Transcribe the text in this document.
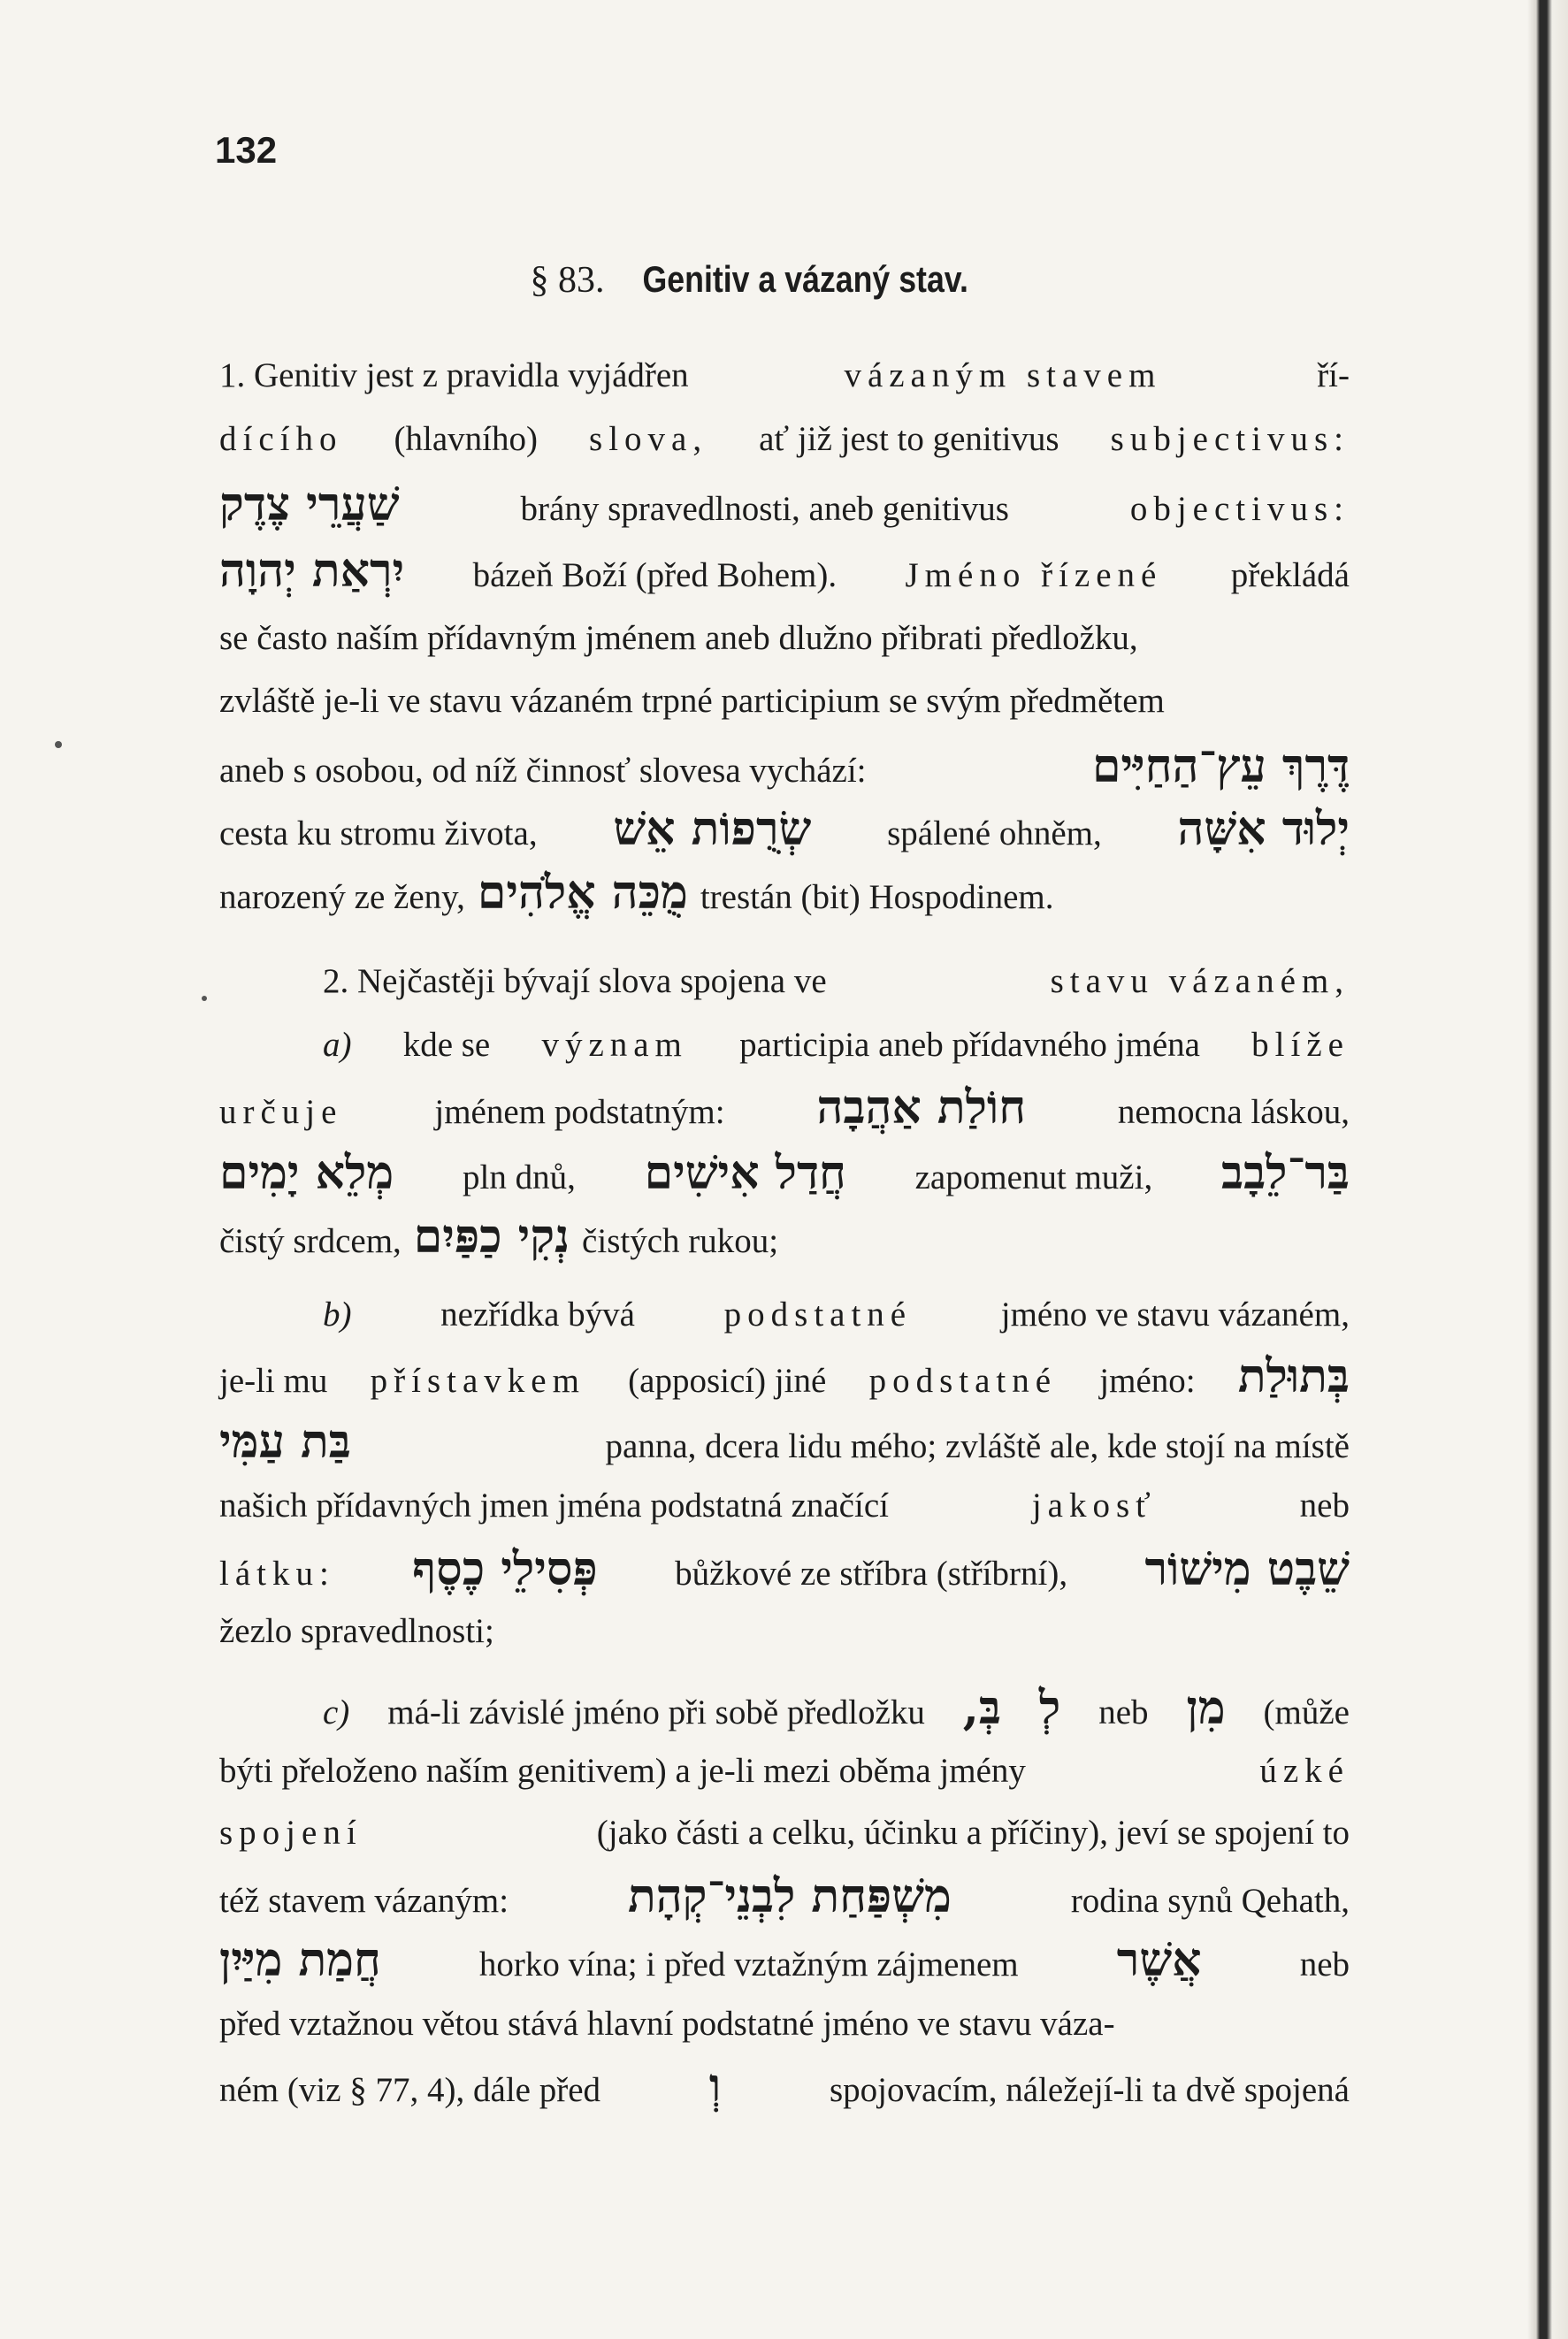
132
§ 83. Genitiv a vázaný stav.
1. Genitiv jest z pravidla vyjádřen	vázaným stavem	ří-
dícího (hlavního) slova, ať již jest to genitivus subjectivus:
שַׁעֲרֵי צֶדֶק	brány spravedlnosti, aneb genitivus	objectivus:
יִרְאַת יְהוָה bázeň Boží (před Bohem). Jméno řízené překládá
se často naším přídavným jménem aneb dlužno přibrati předložku,
zvláště je-li ve stavu vázaném trpné participium se svým předmětem
aneb s osobou, od níž činnosť slovesa vychází:	דֶּרֶךְ עֵץ־הַחַיִּים
cesta ku stromu života, שְׂרֻפוֹת אֵשׁ spálené ohněm, יְלוּד אִשָּׁה
narozený ze ženy, מֻכֵּה אֱלֹהִים trestán (bit) Hospodinem.
2. Nejčastěji bývají slova spojena ve	stavu vázaném,
a) kde se význam participia aneb přídavného jména blíže
určuje	jménem podstatným: חוֹלַת אַהֲבָה	nemocna láskou,
מְלֵא יָמִים pln dnů, חֲדַל אִישִׁים zapomenut muži, בַּר־לֵבָב
čistý srdcem, נְקִי כַפַּיִם čistých rukou;
b)	nezřídka bývá	podstatné	jméno ve stavu vázaném,
je-li mu přístavkem (apposicí) jiné podstatné jméno: בְּתוּלַת
בַּת עַמִּי	panna, dcera lidu mého; zvláště ale, kde stojí na místě
našich přídavných jmen jména podstatná značící	jakosť	neb
látku: פְּסִילֵי כֶסֶף bůžkové ze stříbra (stříbrní), שֵׁבֶט מִישׁוֹר
žezlo spravedlnosti;
c) má-li závislé jméno při sobě předložku בְּ, לְ neb מִן (může
býti přeloženo naším genitivem) a je-li mezi oběma jmény	úzké
spojení	(jako části a celku, účinku a příčiny), jeví se spojení to
též stavem vázaným:	מִשְׁפַּחַת לִבְנֵי־קְהָת	rodina synů Qehath,
חֲמַת מִיַּיִן	horko vína; i před vztažným zájmenem אֲשֶׁר	neb
před vztažnou větou stává hlavní podstatné jméno ve stavu váza-
ném (viz § 77, 4), dále před וְ	spojovacím, náležejí-li ta dvě spojená
